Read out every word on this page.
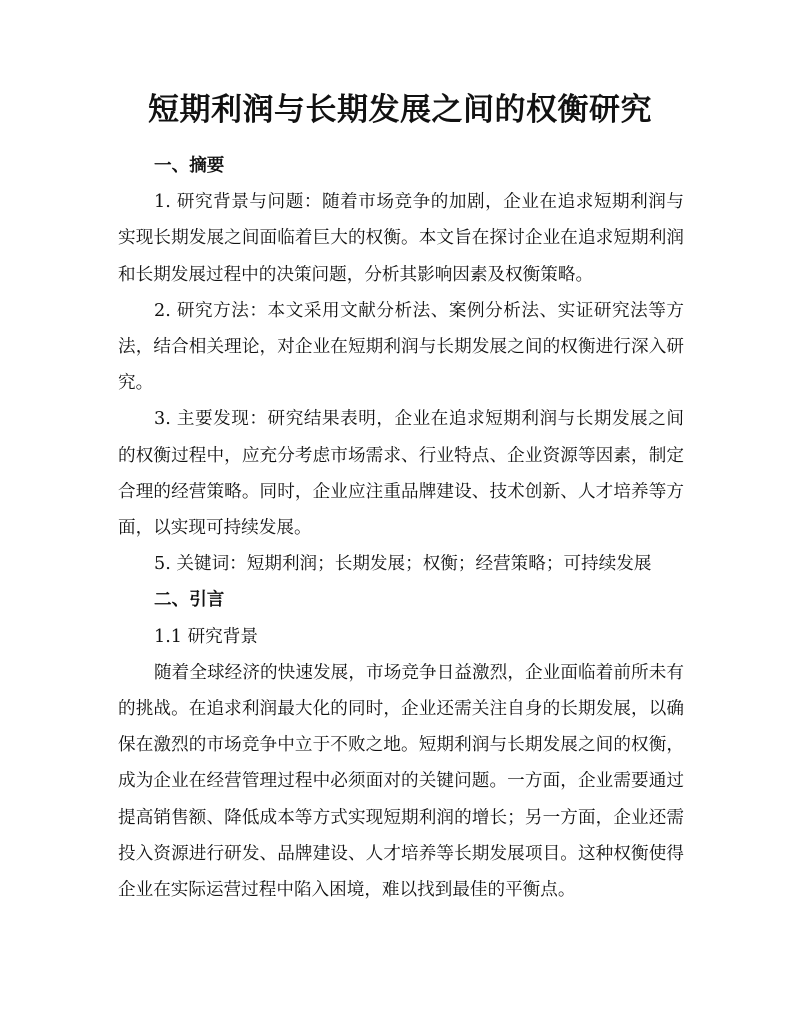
短期利润与长期发展之间的权衡研究

一、摘要

1. 研究背景与问题：随着市场竞争的加剧，企业在追求短期利润与实现长期发展之间面临着巨大的权衡。本文旨在探讨企业在追求短期利润和长期发展过程中的决策问题，分析其影响因素及权衡策略。

2. 研究方法：本文采用文献分析法、案例分析法、实证研究法等方法，结合相关理论，对企业在短期利润与长期发展之间的权衡进行深入研究。

3. 主要发现：研究结果表明，企业在追求短期利润与长期发展之间的权衡过程中，应充分考虑市场需求、行业特点、企业资源等因素，制定合理的经营策略。同时，企业应注重品牌建设、技术创新、人才培养等方面，以实现可持续发展。

5. 关键词：短期利润；长期发展；权衡；经营策略；可持续发展

二、引言

1.1 研究背景

随着全球经济的快速发展，市场竞争日益激烈，企业面临着前所未有的挑战。在追求利润最大化的同时，企业还需关注自身的长期发展，以确保在激烈的市场竞争中立于不败之地。短期利润与长期发展之间的权衡，成为企业在经营管理过程中必须面对的关键问题。一方面，企业需要通过提高销售额、降低成本等方式实现短期利润的增长；另一方面，企业还需投入资源进行研发、品牌建设、人才培养等长期发展项目。这种权衡使得企业在实际运营过程中陷入困境，难以找到最佳的平衡点。
